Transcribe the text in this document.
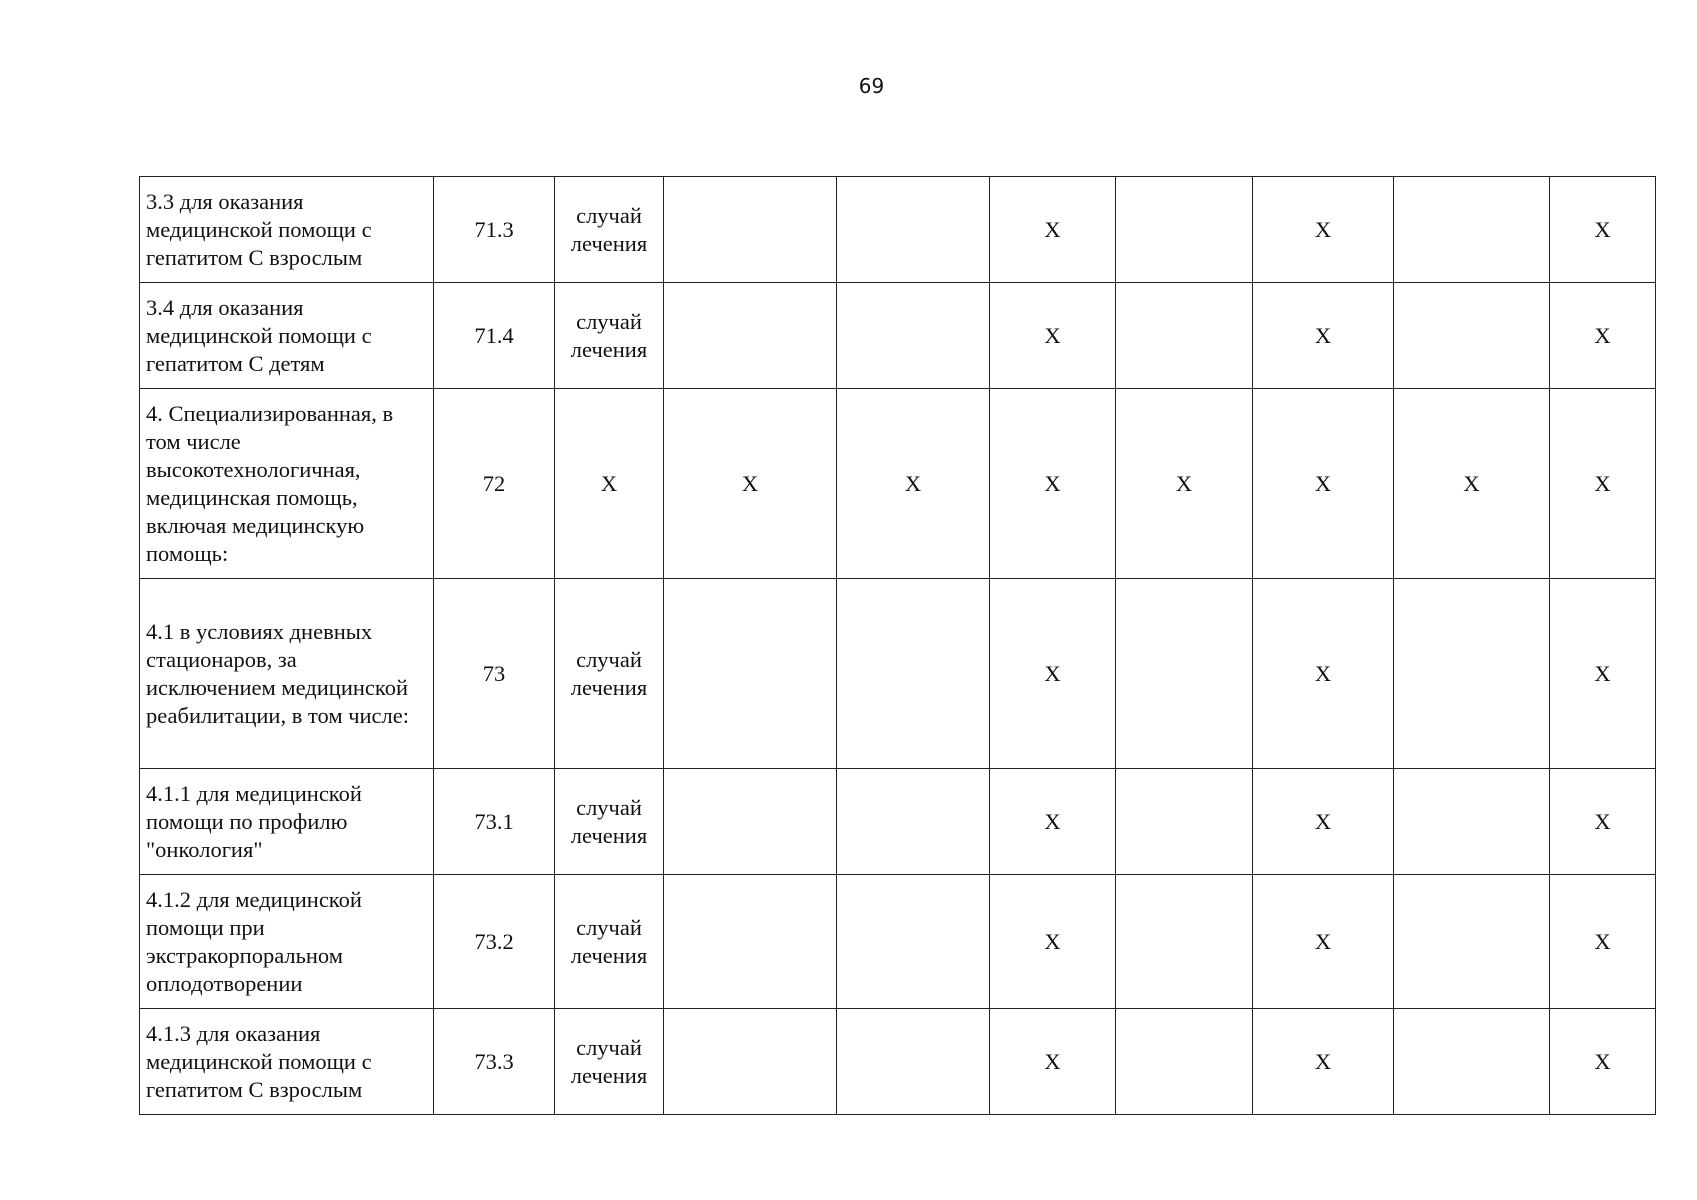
69
3.3 для оказания медицинской помощи с гепатитом С взрослым	71.3	случай лечения			X		X		X
3.4 для оказания медицинской помощи с гепатитом С детям	71.4	случай лечения			X		X		X
4. Специализированная, в том числе высокотехнологичная, медицинская помощь, включая медицинскую помощь:	72	X	X	X	X	X	X	X	X
4.1 в условиях дневных стационаров, за исключением медицинской реабилитации, в том числе:	73	случай лечения			X		X		X
4.1.1 для медицинской помощи по профилю "онкология"	73.1	случай лечения			X		X		X
4.1.2 для медицинской помощи при экстракорпоральном оплодотворении	73.2	случай лечения			X		X		X
4.1.3 для оказания медицинской помощи с гепатитом С взрослым	73.3	случай лечения			X		X		X
